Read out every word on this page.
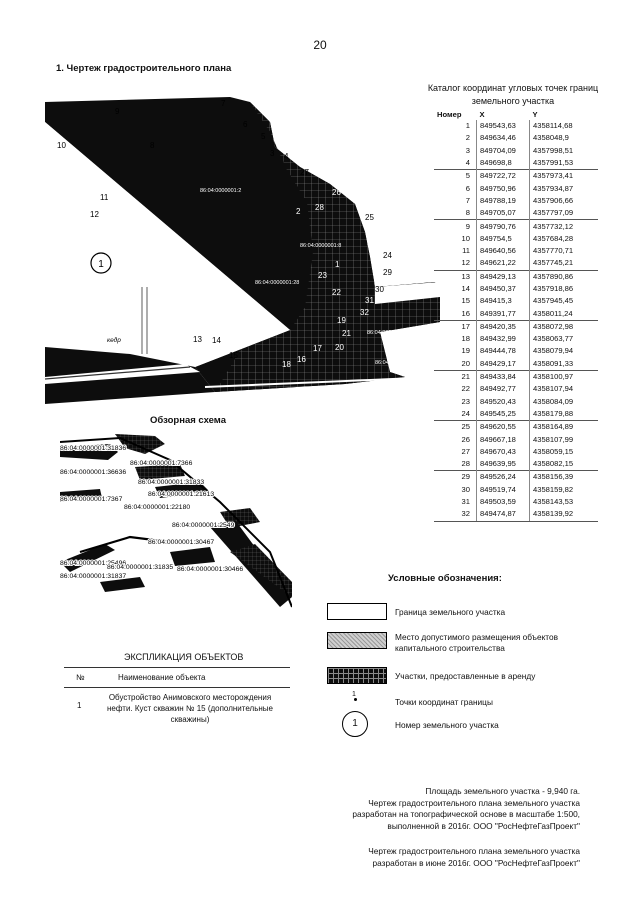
20
1. Чертеж градостроительного плана
1
кедр
10
9
8
7
6
5
3 4
27
26
28
2
25
11
12
24
29
30
1
23
22
31
32
19
21
13 14
15
20
17
18
16
86:04:0000001:2
86:04:0000001:8
86:04:0000001:28
86:04:0000001:27
86:04:0000001:31
Каталог координат угловых точек границ
земельного участка
Номер	X	Y
1	849543,63	4358114,68
2	849634,46	4358048,9
3	849704,09	4357998,51
4	849698,8	4357991,53
5	849722,72	4357973,41
6	849750,96	4357934,87
7	849788,19	4357906,66
8	849705,07	4357797,09
9	849790,76	4357732,12
10	849754,5	4357684,28
11	849640,56	4357770,71
12	849621,22	4357745,21
13	849429,13	4357890,86
14	849450,37	4357918,86
15	849415,3	4357945,45
16	849391,77	4358011,24
17	849420,35	4358072,98
18	849432,99	4358063,77
19	849444,78	4358079,94
20	849429,17	4358091,33
21	849433,84	4358100,97
22	849492,77	4358107,94
23	849520,43	4358084,09
24	849545,25	4358179,88
25	849620,55	4358164,89
26	849667,18	4358107,99
27	849670,43	4358059,15
28	849639,95	4358082,15
29	849526,24	4358156,39
30	849519,74	4358159,82
31	849503,59	4358143,53
32	849474,87	4358139,92
Обзорная схема
86:04:0000001:31836
86:04:0000001:36636
86:04:0000001:7366
86:04:0000001:31833
86:04:0000001:21613
86:04:0000001:7367
86:04:0000001:22180
86:04:0000001:2549
86:04:0000001:30467
86:04:0000001:25496
86:04:0000001:31835 86:04:0000001:30466
86:04:0000001:31837	Условные обозначения:
Граница земельного участка
Место допустимого размещения объектов
капитального строительства
Участки, предоставленные в аренду
1
Точки координат границы
1	Номер земельного участка
ЭКСПЛИКАЦИЯ ОБЪЕКТОВ
№	Наименование объекта
1
Обустройство Анимовского месторождения
нефти. Куст скважин № 15 (дополнительные
скважины)
Площадь земельного участка - 9,940 га.
Чертеж градостроительного плана земельного участка
разработан на топографической основе в масштабе 1:500,
выполненной в 2016г. ООО "РосНефтеГазПроект"
Чертеж градостроительного плана земельного участка
разработан в июне 2016г. ООО "РосНефтеГазПроект"
